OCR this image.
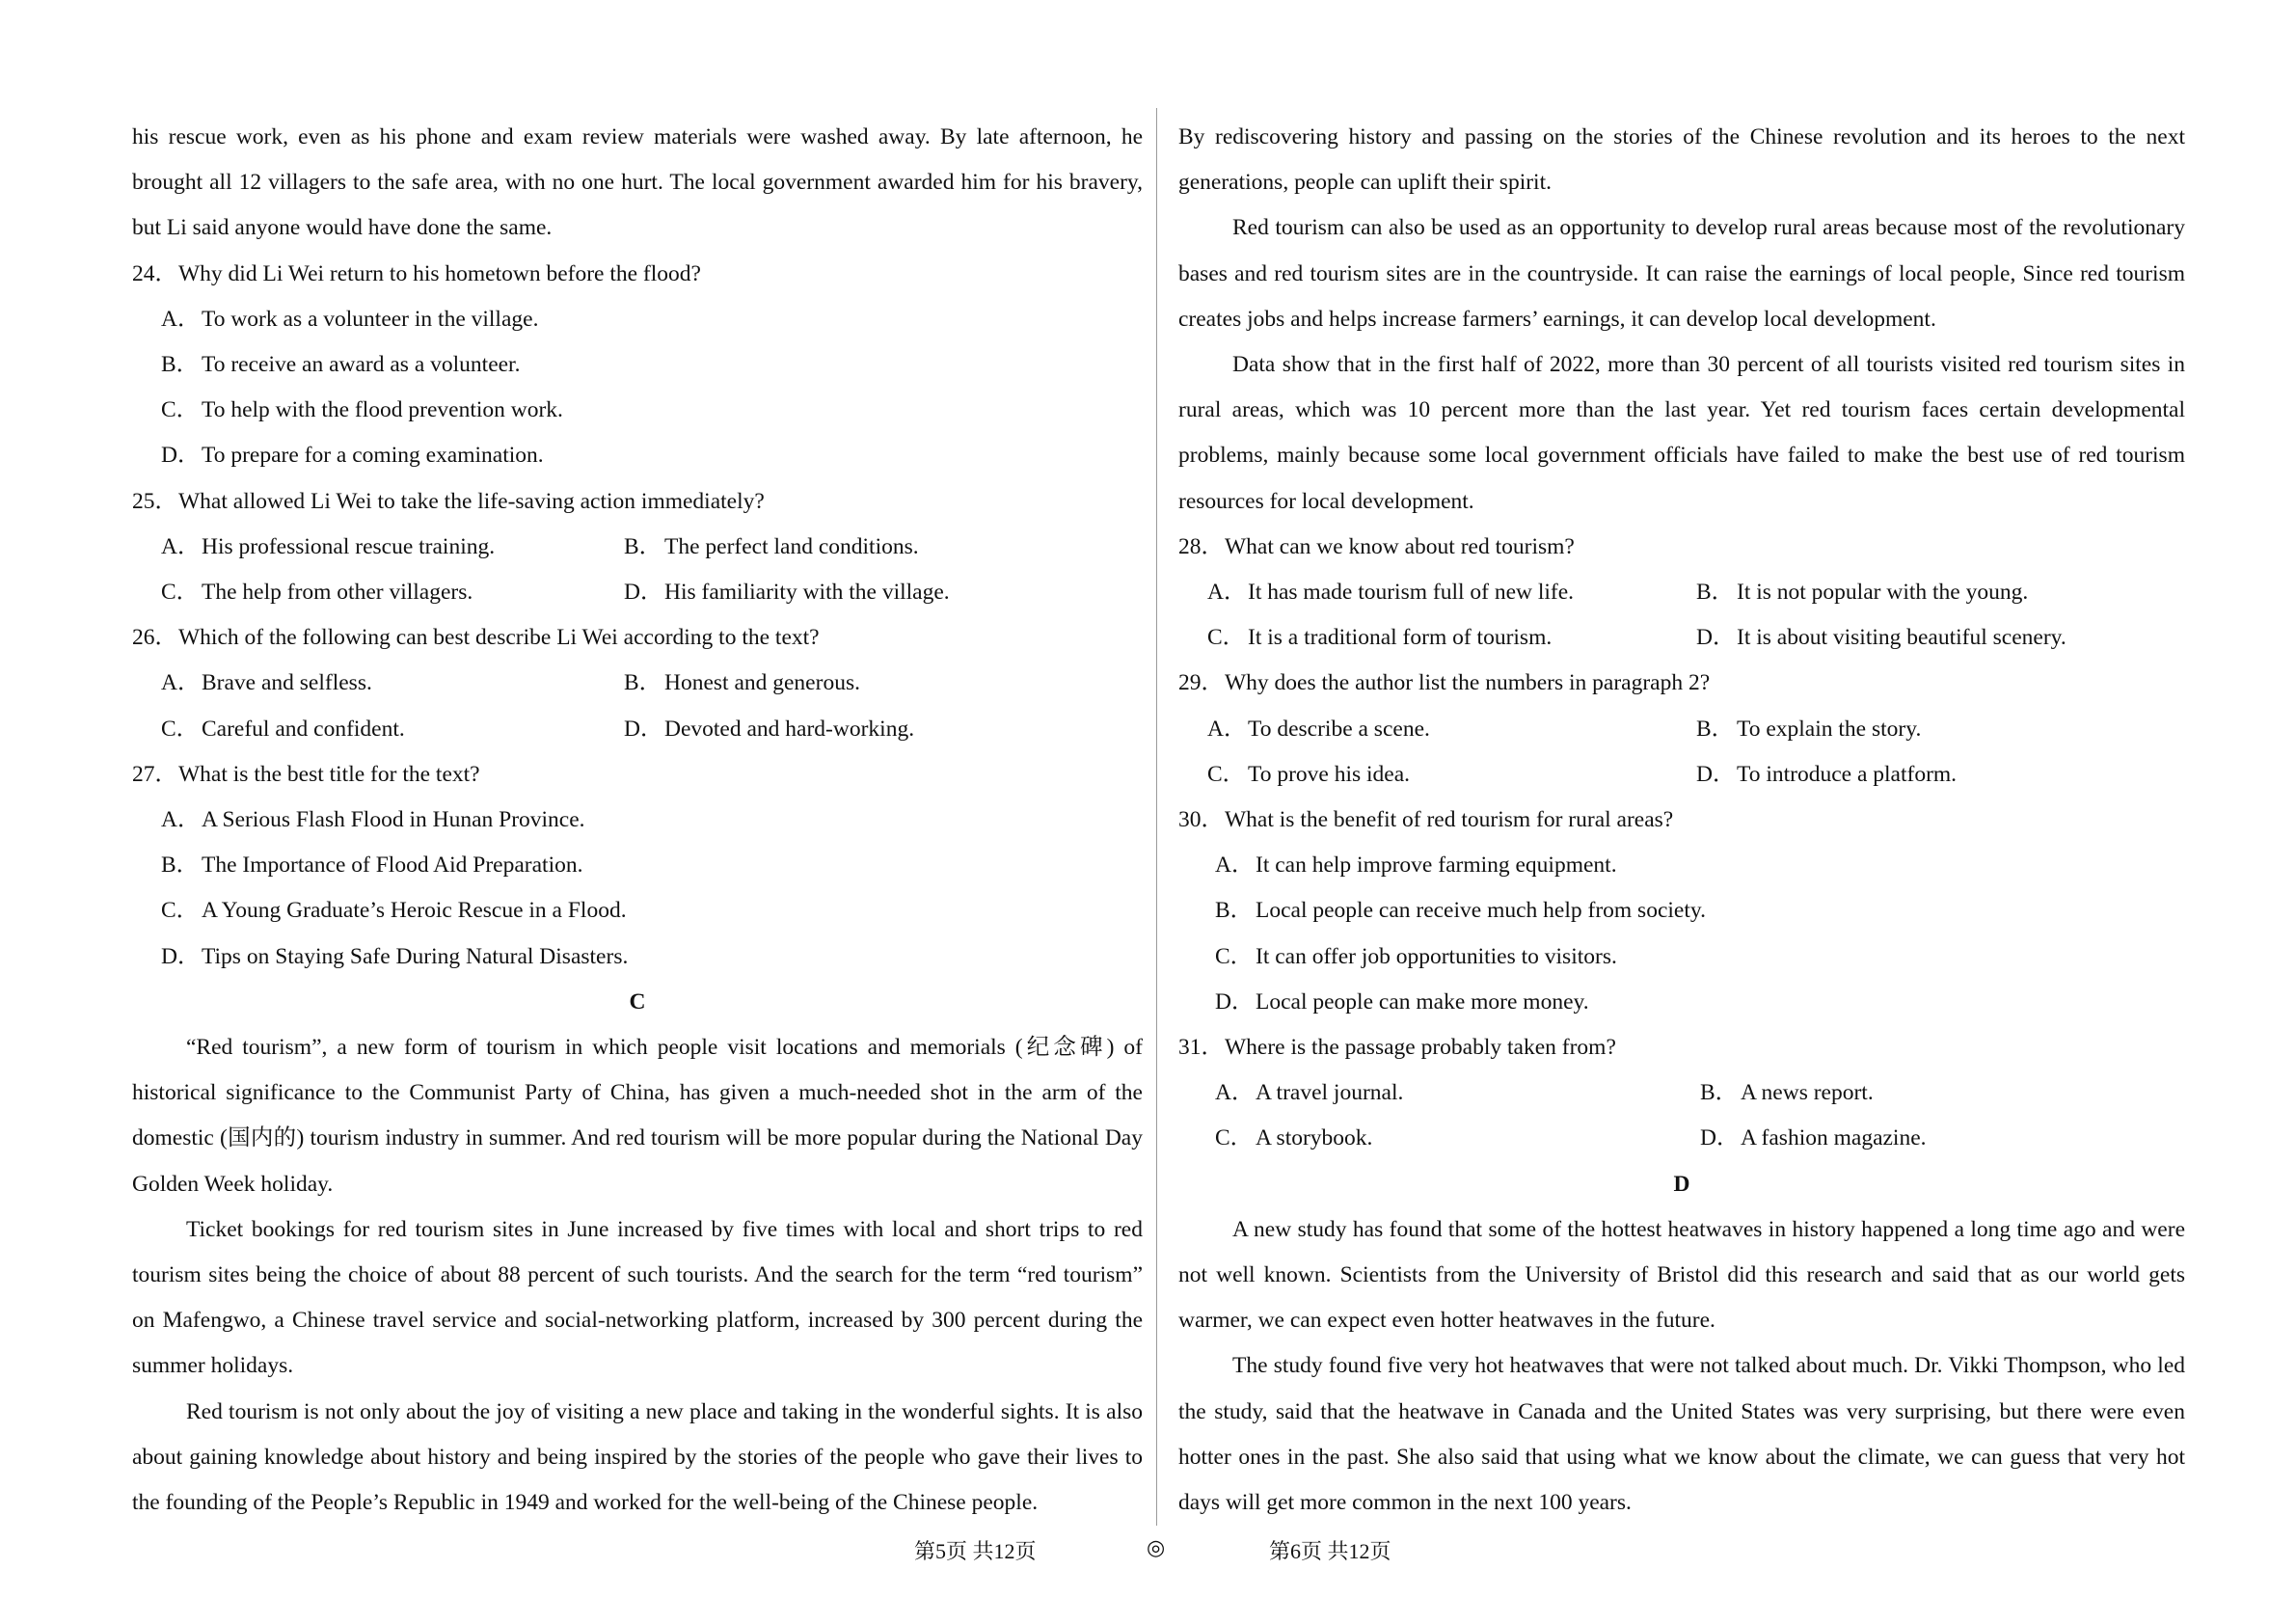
his rescue work, even as his phone and exam review materials were washed away. By late afternoon, he brought all 12 villagers to the safe area, with no one hurt. The local government awarded him for his bravery, but Li said anyone would have done the same.

24．Why did Li Wei return to his hometown before the flood?

A．To work as a volunteer in the village.

B． To receive an award as a volunteer.

C． To help with the flood prevention work.

D．To prepare for a coming examination.

25．What allowed Li Wei to take the life-saving action immediately?

A．His professional rescue training.	B． The perfect land conditions.
C． The help from other villagers.	D．His familiarity with the village.

26．Which of the following can best describe Li Wei according to the text?

A．Brave and selfless.	B． Honest and generous.
C． Careful and confident.	D．Devoted and hard-working.

27．What is the best title for the text?

A．A Serious Flash Flood in Hunan Province.

B． The Importance of Flood Aid Preparation.

C． A Young Graduate’s Heroic Rescue in a Flood.

D．Tips on Staying Safe During Natural Disasters.

C

“Red tourism”, a new form of tourism in which people visit locations and memorials (纪念碑) of historical significance to the Communist Party of China, has given a much-needed shot in the arm of the domestic (国内的) tourism industry in summer. And red tourism will be more popular during the National Day Golden Week holiday.

Ticket bookings for red tourism sites in June increased by five times with local and short trips to red tourism sites being the choice of about 88 percent of such tourists. And the search for the term “red tourism” on Mafengwo, a Chinese travel service and social-networking platform, increased by 300 percent during the summer holidays.

Red tourism is not only about the joy of visiting a new place and taking in the wonderful sights. It is also about gaining knowledge about history and being inspired by the stories of the people who gave their lives to the founding of the People’s Republic in 1949 and worked for the well-being of the Chinese people.

By rediscovering history and passing on the stories of the Chinese revolution and its heroes to the next generations, people can uplift their spirit.

Red tourism can also be used as an opportunity to develop rural areas because most of the revolutionary bases and red tourism sites are in the countryside. It can raise the earnings of local people, Since red tourism creates jobs and helps increase farmers’ earnings, it can develop local development.

Data show that in the first half of 2022, more than 30 percent of all tourists visited red tourism sites in rural areas, which was 10 percent more than the last year. Yet red tourism faces certain developmental problems, mainly because some local government officials have failed to make the best use of red tourism resources for local development.

28．What can we know about red tourism?

A．It has made tourism full of new life.	B． It is not popular with the young.
C． It is a traditional form of tourism.	D．It is about visiting beautiful scenery.

29．Why does the author list the numbers in paragraph 2?

A．To describe a scene.	B． To explain the story.
C． To prove his idea.	D．To introduce a platform.

30．What is the benefit of red tourism for rural areas?

A．It can help improve farming equipment.

B． Local people can receive much help from society.

C． It can offer job opportunities to visitors.

D．Local people can make more money.

31．Where is the passage probably taken from?

A．A travel journal.	B． A news report.
C． A storybook.	D．A fashion magazine.

D

A new study has found that some of the hottest heatwaves in history happened a long time ago and were not well known. Scientists from the University of Bristol did this research and said that as our world gets warmer, we can expect even hotter heatwaves in the future.

The study found five very hot heatwaves that were not talked about much. Dr. Vikki Thompson, who led the study, said that the heatwave in Canada and the United States was very surprising, but there were even hotter ones in the past. She also said that using what we know about the climate, we can guess that very hot days will get more common in the next 100 years.

第5页 共12页	◎	第6页 共12页
